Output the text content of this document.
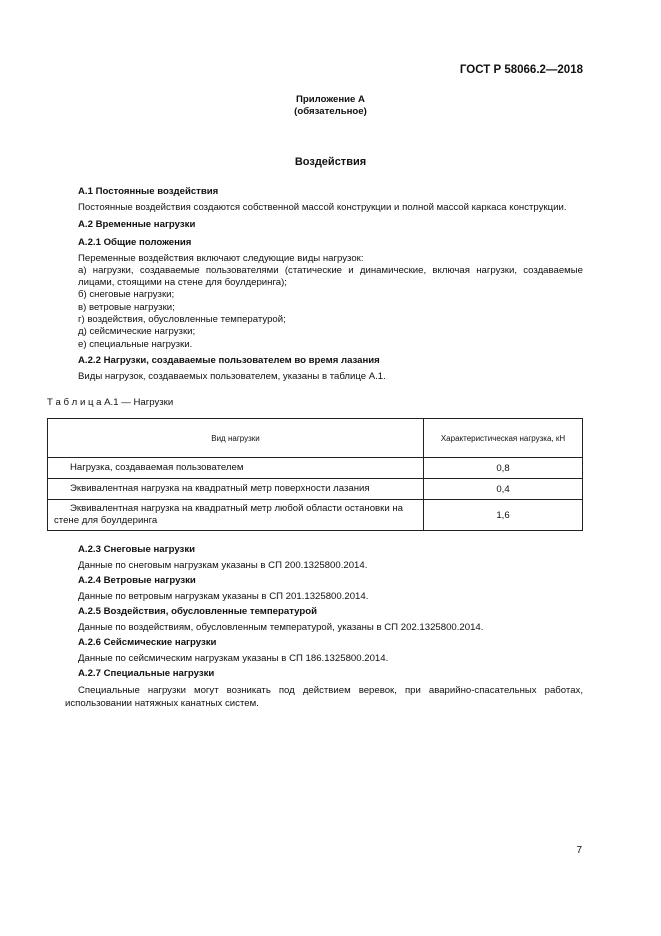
ГОСТ Р 58066.2—2018
Приложение А
(обязательное)
Воздействия
А.1 Постоянные воздействия
Постоянные воздействия создаются собственной массой конструкции и полной массой каркаса конструкции.
А.2 Временные нагрузки
А.2.1 Общие положения
Переменные воздействия включают следующие виды нагрузок:
а) нагрузки, создаваемые пользователями (статические и динамические, включая нагрузки, создаваемые лицами, стоящими на стене для боулдеринга);
б) снеговые нагрузки;
в) ветровые нагрузки;
г) воздействия, обусловленные температурой;
д) сейсмические нагрузки;
е) специальные нагрузки.
А.2.2 Нагрузки, создаваемые пользователем во время лазания
Виды нагрузок, создаваемых пользователем, указаны в таблице А.1.
Т а б л и ц а А.1 — Нагрузки
Вид нагрузки	Характеристическая нагрузка, кН
Нагрузка, создаваемая пользователем	0,8
Эквивалентная нагрузка на квадратный метр поверхности лазания	0,4
Эквивалентная нагрузка на квадратный метр любой области остановки на стене для боулдеринга	1,6
А.2.3 Снеговые нагрузки
Данные по снеговым нагрузкам указаны в СП 200.1325800.2014.
А.2.4 Ветровые нагрузки
Данные по ветровым нагрузкам указаны в СП 201.1325800.2014.
А.2.5 Воздействия, обусловленные температурой
Данные по воздействиям, обусловленным температурой, указаны в СП 202.1325800.2014.
А.2.6 Сейсмические нагрузки
Данные по сейсмическим нагрузкам указаны в СП 186.1325800.2014.
А.2.7 Специальные нагрузки
Специальные нагрузки могут возникать под действием веревок, при аварийно-спасательных работах, использовании натяжных канатных систем.
7
